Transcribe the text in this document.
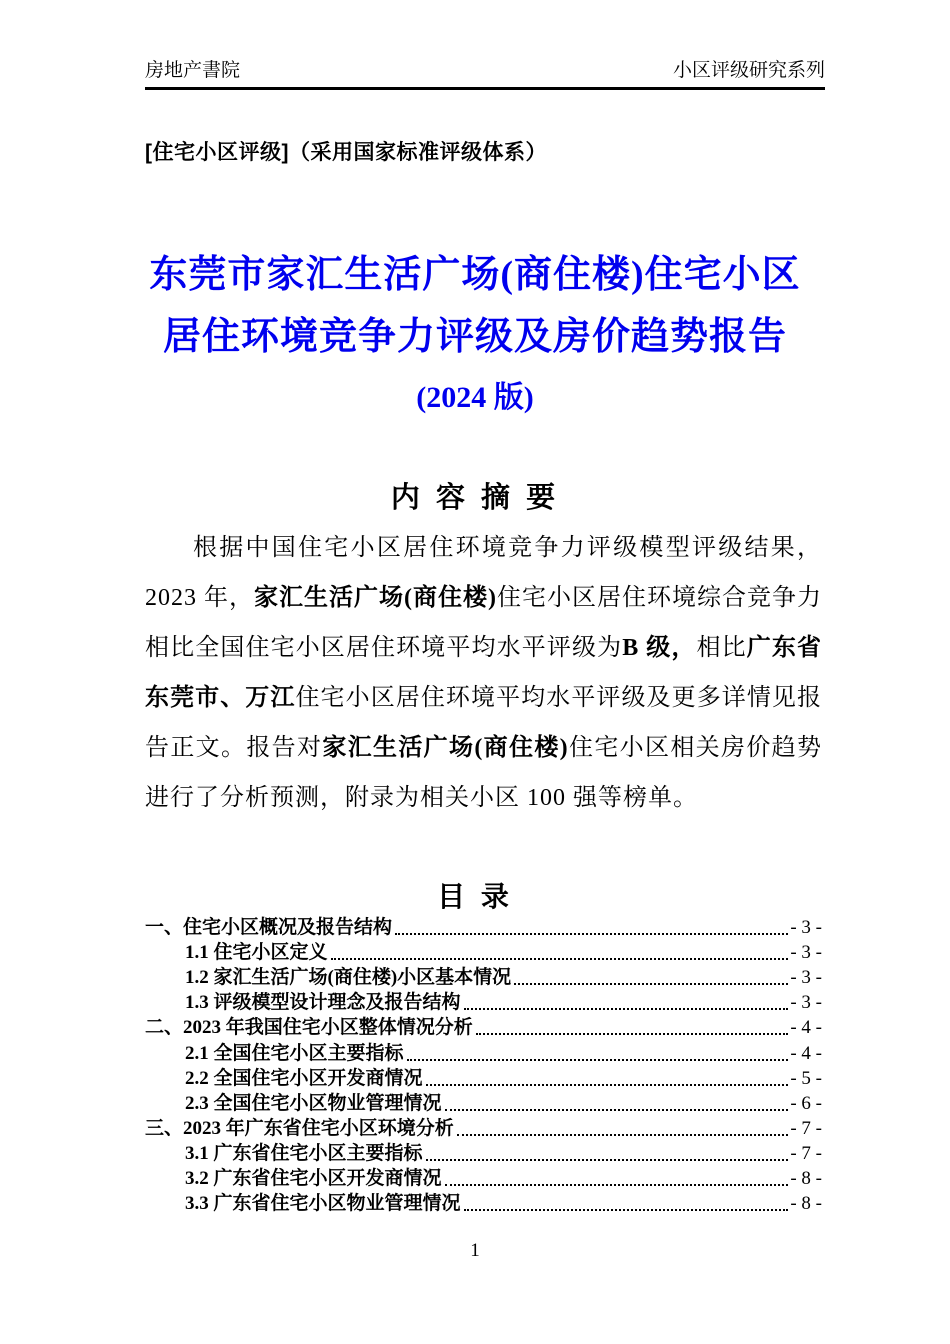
房地产書院	小区评级研究系列
[住宅小区评级]（采用国家标准评级体系）
东莞市家汇生活广场(商住楼)住宅小区
居住环境竞争力评级及房价趋势报告
(2024 版)
内 容 摘 要

根据中国住宅小区居住环境竞争力评级模型评级结果，2023 年，家汇生活广场(商住楼)住宅小区居住环境综合竞争力相比全国住宅小区居住环境平均水平评级为B 级，相比广东省东莞市、万江住宅小区居住环境平均水平评级及更多详情见报告正文。报告对家汇生活广场(商住楼)住宅小区相关房价趋势进行了分析预测，附录为相关小区 100 强等榜单。

目 录
一、住宅小区概况及报告结构	- 3 -
1.1 住宅小区定义	- 3 -
1.2 家汇生活广场(商住楼)小区基本情况	- 3 -
1.3 评级模型设计理念及报告结构	- 3 -
二、2023 年我国住宅小区整体情况分析	- 4 -
2.1 全国住宅小区主要指标	- 4 -
2.2 全国住宅小区开发商情况	- 5 -
2.3 全国住宅小区物业管理情况	- 6 -
三、2023 年广东省住宅小区环境分析	- 7 -
3.1 广东省住宅小区主要指标	- 7 -
3.2 广东省住宅小区开发商情况	- 8 -
3.3 广东省住宅小区物业管理情况	- 8 -
1
